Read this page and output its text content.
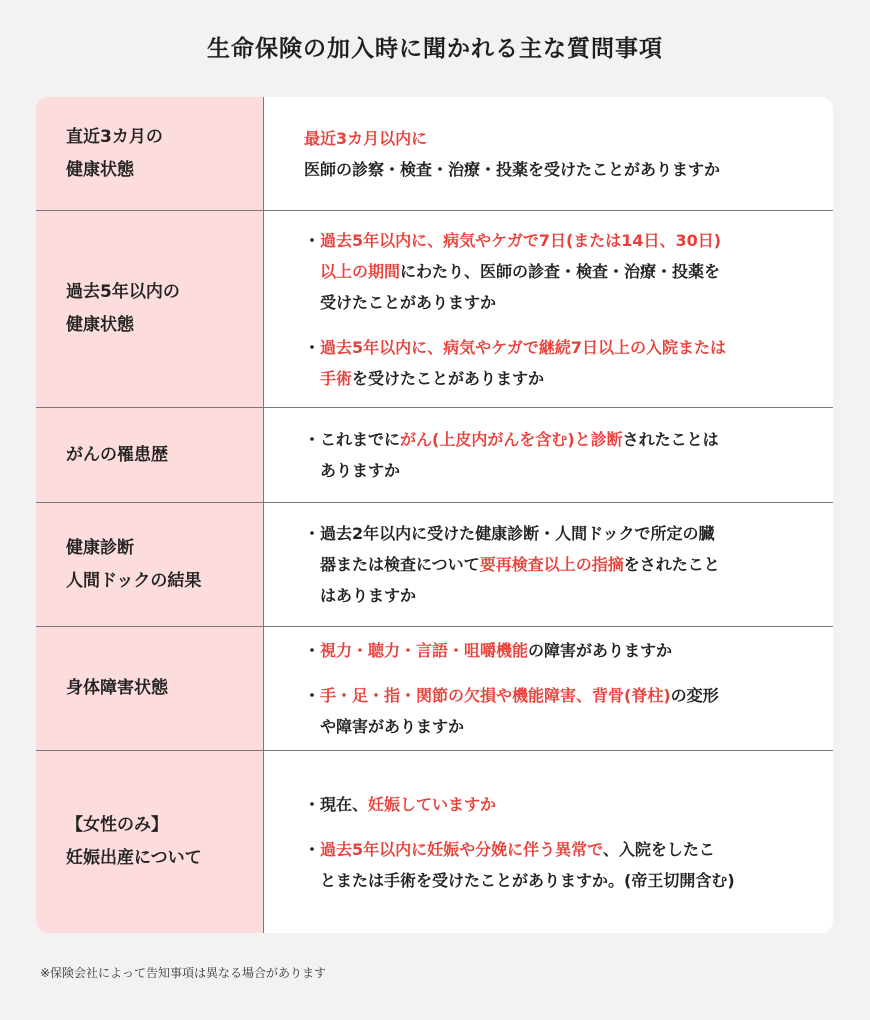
生命保険の加入時に聞かれる主な質問事項
直近3カ月の
健康状態
最近3カ月以内に
医師の診察・検査・治療・投薬を受けたことがありますか
過去5年以内の
健康状態
・ 過去5年以内に、病気やケガで7日(または14日、30日)
以上の期間にわたり、医師の診査・検査・治療・投薬を
受けたことがありますか
・ 過去5年以内に、病気やケガで継続7日以上の入院または
手術を受けたことがありますか
がんの罹患歴
・ これまでにがん(上皮内がんを含む)と診断されたことは
ありますか
健康診断
人間ドックの結果
・ 過去2年以内に受けた健康診断・人間ドックで所定の臓
器または検査について要再検査以上の指摘をされたこと
はありますか
身体障害状態
・ 視力・聴力・言語・咀嚼機能の障害がありますか
・ 手・足・指・関節の欠損や機能障害、背骨(脊柱)の変形
や障害がありますか
【女性のみ】
妊娠出産について
・ 現在、妊娠していますか
・ 過去5年以内に妊娠や分娩に伴う異常で、入院をしたこ
とまたは手術を受けたことがありますか。(帝王切開含む)
※保険会社によって告知事項は異なる場合があります
